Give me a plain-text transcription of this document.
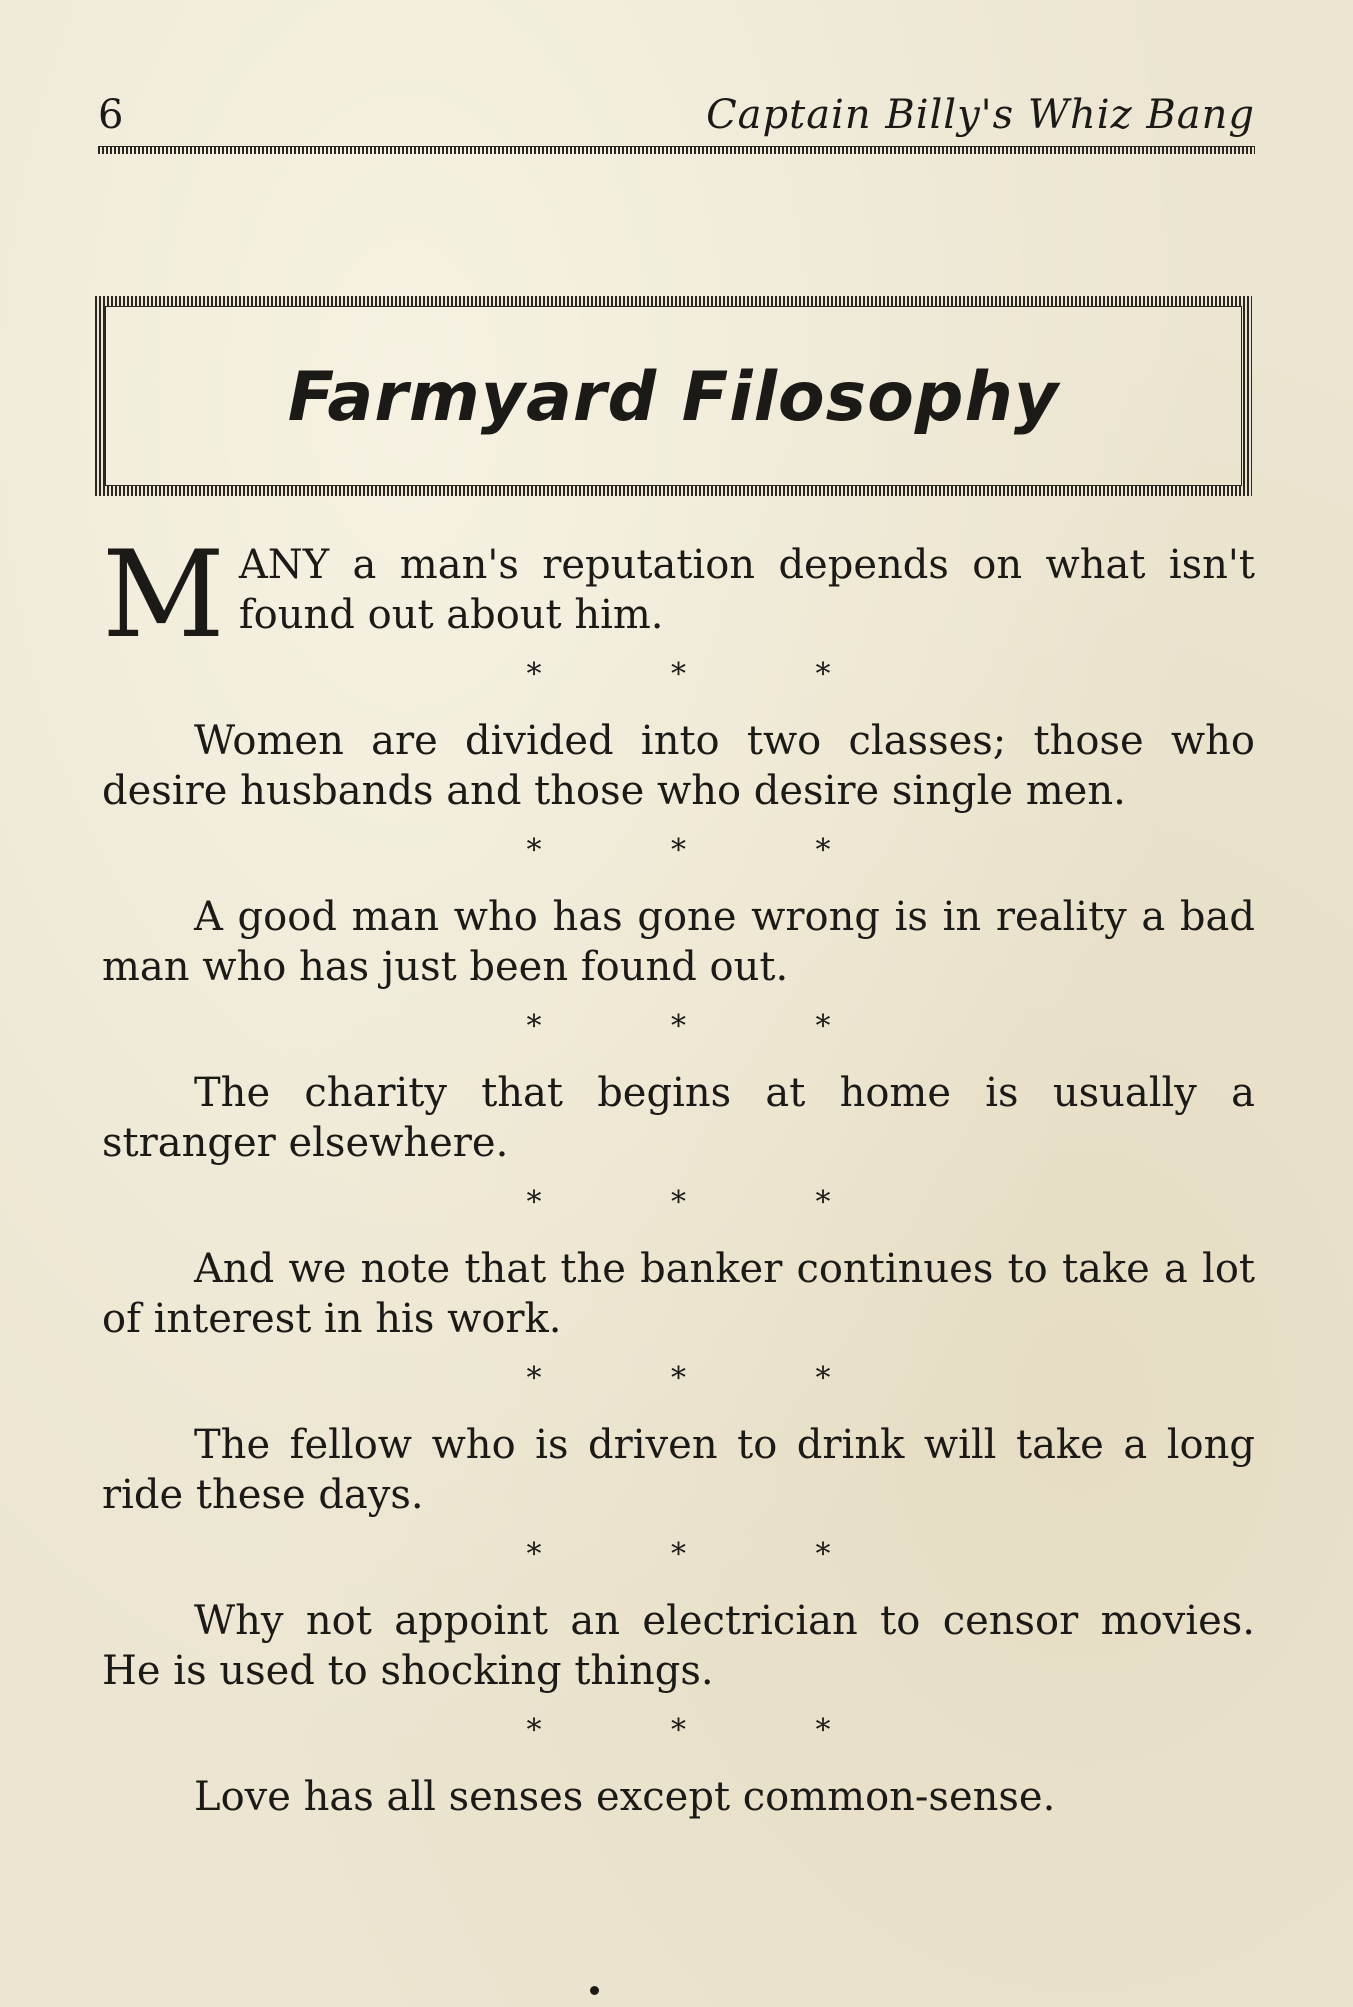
6	Captain Billy's Whiz Bang
Farmyard Filosophy

M ANY a man's reputation depends on what isn't found out about him.

* * *

Women are divided into two classes; those who desire husbands and those who desire single men.

* * *

A good man who has gone wrong is in reality a bad man who has just been found out.

* * *

The charity that begins at home is usually a stranger elsewhere.

* * *

And we note that the banker continues to take a lot of interest in his work.

* * *

The fellow who is driven to drink will take a long ride these days.

* * *

Why not appoint an electrician to censor movies. He is used to shocking things.

* * *

Love has all senses except common-sense.
